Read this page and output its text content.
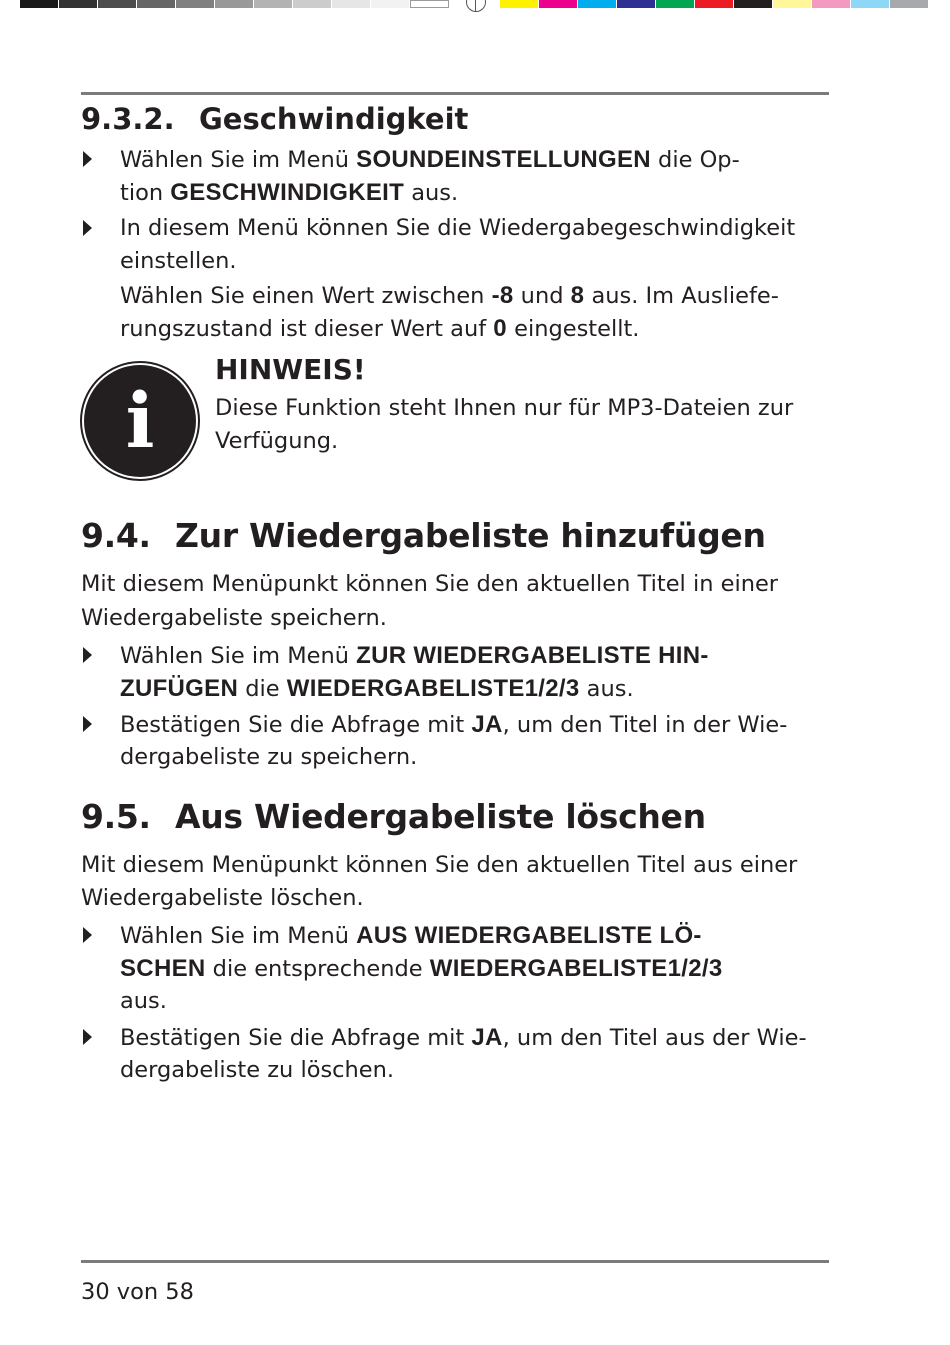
9.3.2. Geschwindigkeit
Wählen Sie im Menü SOUNDEINSTELLUNGEN die Op-
tion GESCHWINDIGKEIT aus.
In diesem Menü können Sie die Wiedergabegeschwindigkeit
einstellen.
Wählen Sie einen Wert zwischen -8 und 8 aus. Im Ausliefe-
rungszustand ist dieser Wert auf 0 eingestellt.
i
HINWEIS!
Diese Funktion steht Ihnen nur für MP3-Dateien zur
Verfügung.
9.4. Zur Wiedergabeliste hinzufügen
Mit diesem Menüpunkt können Sie den aktuellen Titel in einer
Wiedergabeliste speichern.
Wählen Sie im Menü ZUR WIEDERGABELISTE HIN-
ZUFÜGEN die WIEDERGABELISTE1/2/3 aus.
Bestätigen Sie die Abfrage mit JA, um den Titel in der Wie-
dergabeliste zu speichern.
9.5. Aus Wiedergabeliste löschen
Mit diesem Menüpunkt können Sie den aktuellen Titel aus einer
Wiedergabeliste löschen.
Wählen Sie im Menü AUS WIEDERGABELISTE LÖ-
SCHEN die entsprechende WIEDERGABELISTE1/2/3
aus.
Bestätigen Sie die Abfrage mit JA, um den Titel aus der Wie-
dergabeliste zu löschen.
30 von 58
